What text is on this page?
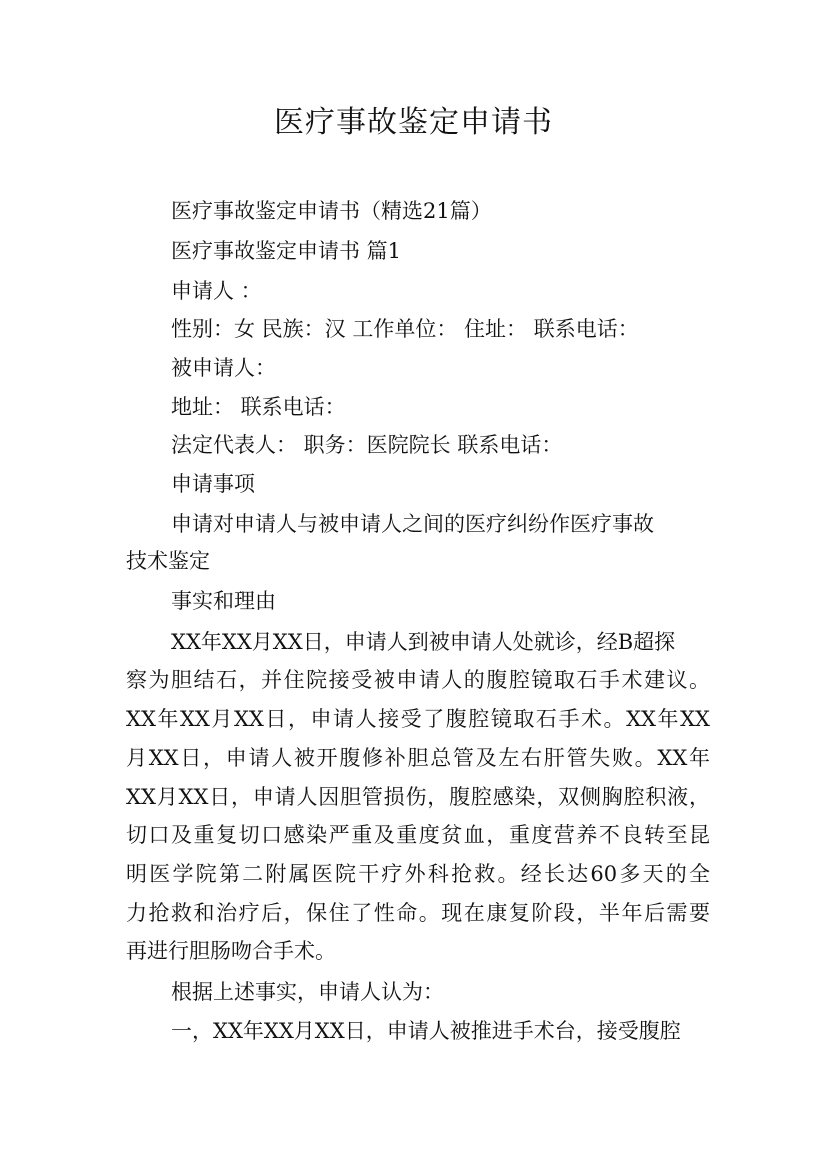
医疗事故鉴定申请书

医疗事故鉴定申请书（精选21篇）

医疗事故鉴定申请书 篇1

申请人 ：

性别：女 民族：汉 工作单位： 住址： 联系电话：

被申请人：

地址： 联系电话：

法定代表人： 职务：医院院长 联系电话：

申请事项

申请对申请人与被申请人之间的医疗纠纷作医疗事故

技术鉴定

事实和理由

XX年XX月XX日，申请人到被申请人处就诊，经B超探

察为胆结石，并住院接受被申请人的腹腔镜取石手术建议。

XX年XX月XX日，申请人接受了腹腔镜取石手术。XX年XX

月XX日，申请人被开腹修补胆总管及左右肝管失败。XX年

XX月XX日，申请人因胆管损伤，腹腔感染，双侧胸腔积液，

切口及重复切口感染严重及重度贫血，重度营养不良转至昆

明医学院第二附属医院干疗外科抢救。经长达60多天的全

力抢救和治疗后，保住了性命。现在康复阶段，半年后需要

再进行胆肠吻合手术。

根据上述事实，申请人认为：

一，XX年XX月XX日，申请人被推进手术台，接受腹腔
